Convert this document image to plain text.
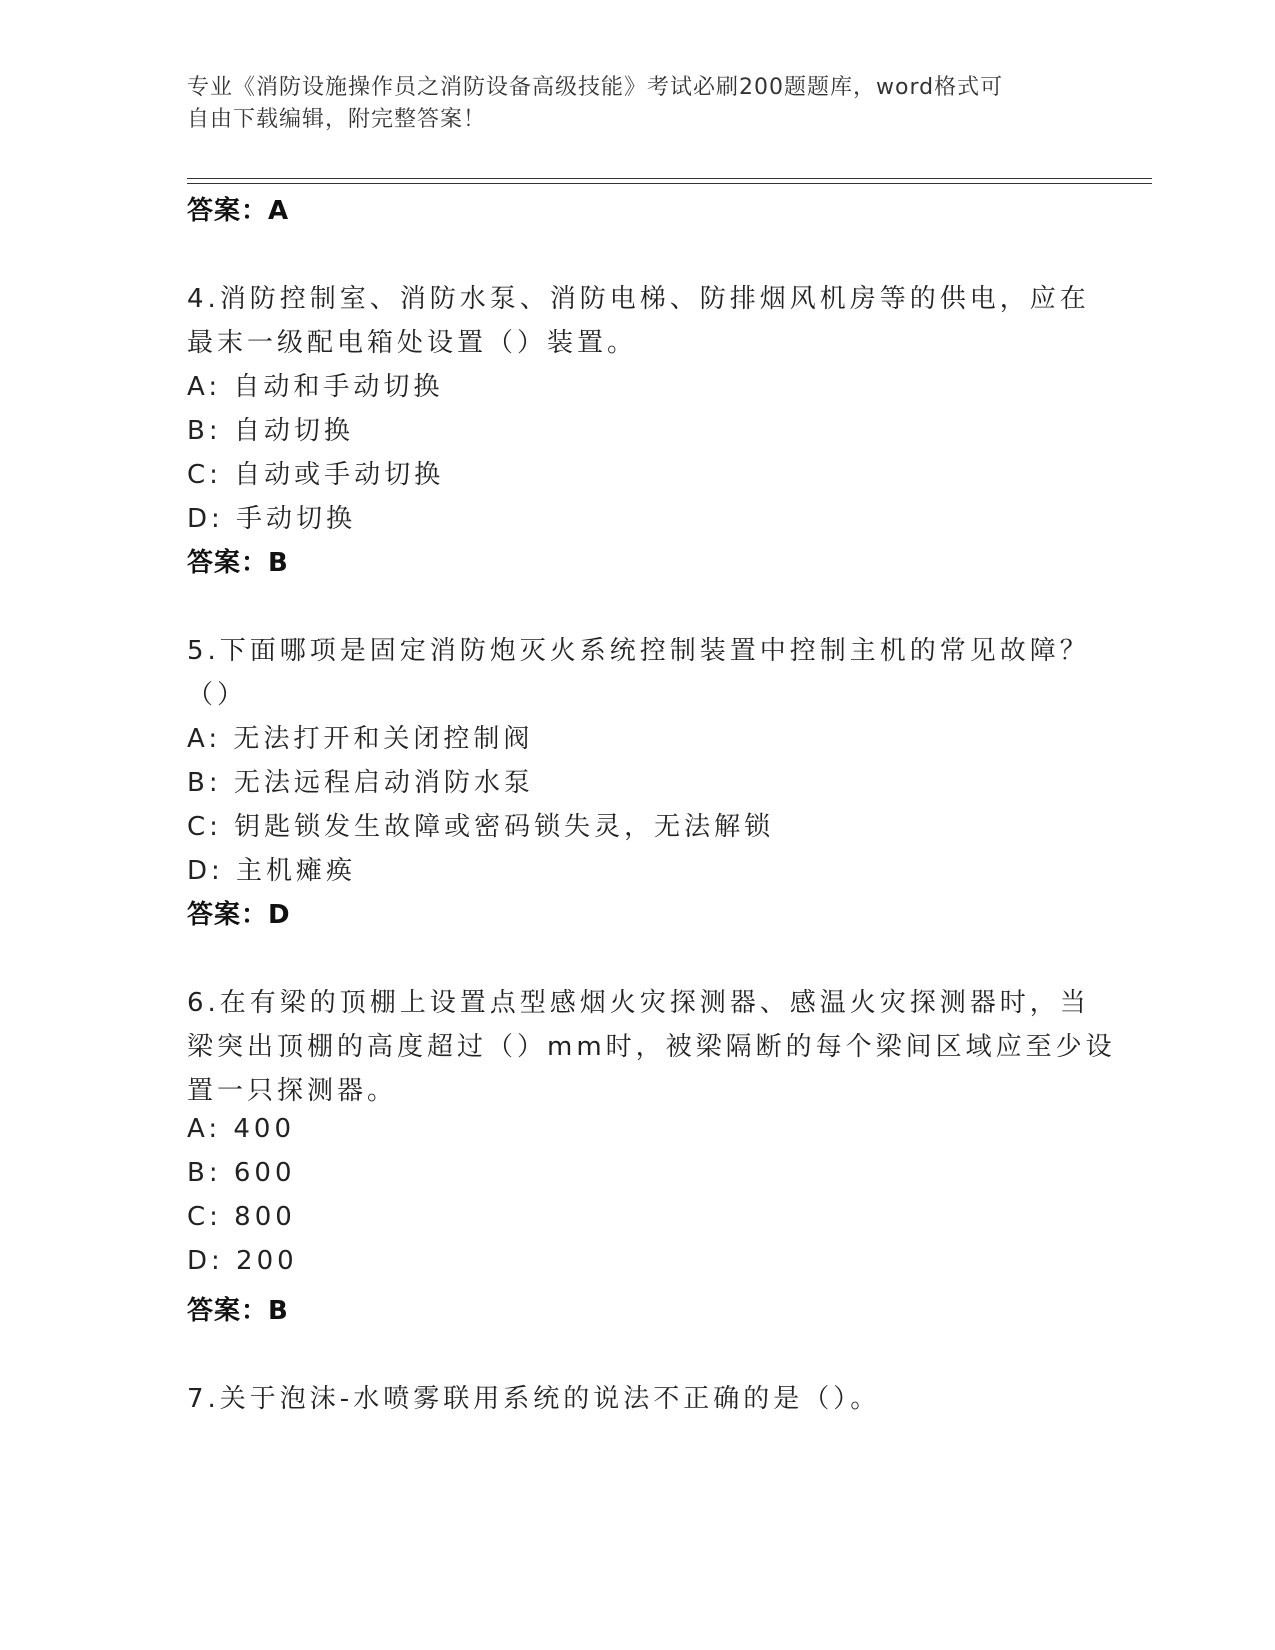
专业《消防设施操作员之消防设备高级技能》考试必刷200题题库，word格式可
自由下载编辑，附完整答案！
答案：A
4.消防控制室、消防水泵、消防电梯、防排烟风机房等的供电，应在
最末一级配电箱处设置（）装置。
A: 自动和手动切换
B: 自动切换
C: 自动或手动切换
D: 手动切换
答案：B
5.下面哪项是固定消防炮灭火系统控制装置中控制主机的常见故障？
（）
A: 无法打开和关闭控制阀
B: 无法远程启动消防水泵
C: 钥匙锁发生故障或密码锁失灵，无法解锁
D: 主机瘫痪
答案：D
6.在有梁的顶棚上设置点型感烟火灾探测器、感温火灾探测器时，当
梁突出顶棚的高度超过（）mm时，被梁隔断的每个梁间区域应至少设
置一只探测器。
A: 400
B: 600
C: 800
D: 200
答案：B
7.关于泡沫-水喷雾联用系统的说法不正确的是（）。
